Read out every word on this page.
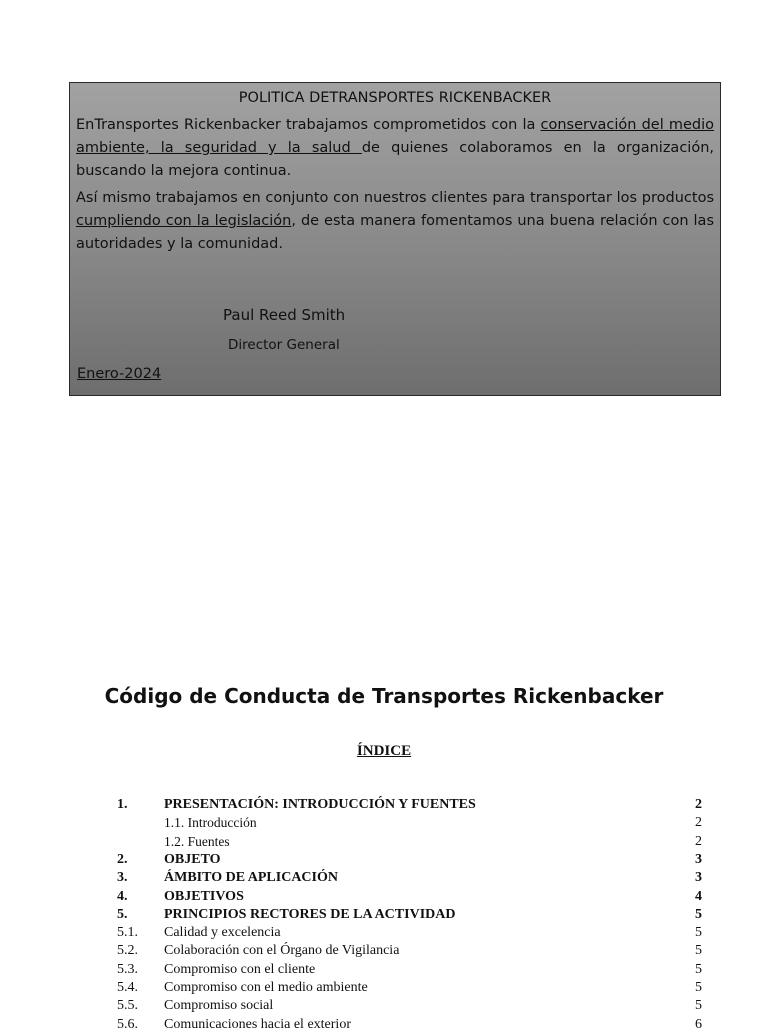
POLITICA DETRANSPORTES RICKENBACKER

EnTransportes Rickenbacker trabajamos comprometidos con la conservación del medio ambiente, la seguridad y la salud de quienes colaboramos en la organización, buscando la mejora continua.

Así mismo trabajamos en conjunto con nuestros clientes para transportar los productos cumpliendo con la legislación, de esta manera fomentamos una buena relación con las autoridades y la comunidad.

Paul Reed Smith
Director General
Enero-2024
Código de Conducta de Transportes Rickenbacker
ÍNDICE
1.	PRESENTACIÓN: INTRODUCCIÓN Y FUENTES	2
1.1. Introducción	2
1.2. Fuentes	2
2.	OBJETO	3
3.	ÁMBITO DE APLICACIÓN	3
4.	OBJETIVOS	4
5.	PRINCIPIOS RECTORES DE LA ACTIVIDAD	5
5.1. Calidad y excelencia	5
5.2. Colaboración con el Órgano de Vigilancia	5
5.3. Compromiso con el cliente	5
5.4. Compromiso con el medio ambiente	5
5.5. Compromiso social	5
5.6. Comunicaciones hacia el exterior	6
